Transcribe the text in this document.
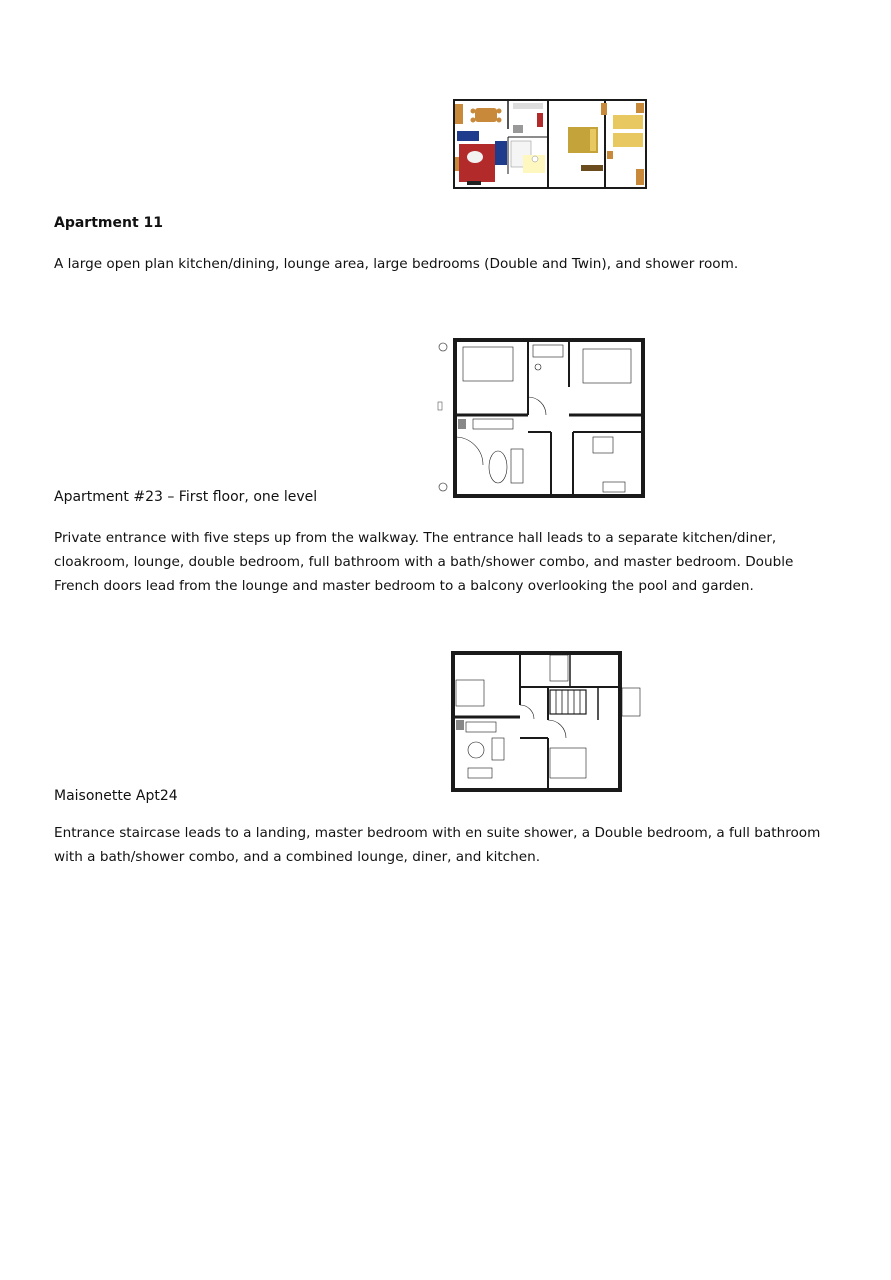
Apartment 11
A large open plan kitchen/dining, lounge area, large bedrooms (Double and Twin), and shower room.
Apartment #23 – First floor, one level
Private entrance with five steps up from the walkway. The entrance hall leads to a separate kitchen/diner, cloakroom, lounge, double bedroom, full bathroom with a bath/shower combo, and master bedroom. Double French doors lead from the lounge and master bedroom to a balcony overlooking the pool and garden.
Maisonette Apt24
Entrance staircase leads to a landing, master bedroom with en suite shower, a Double bedroom, a full bathroom with a bath/shower combo, and a combined lounge, diner, and kitchen.
